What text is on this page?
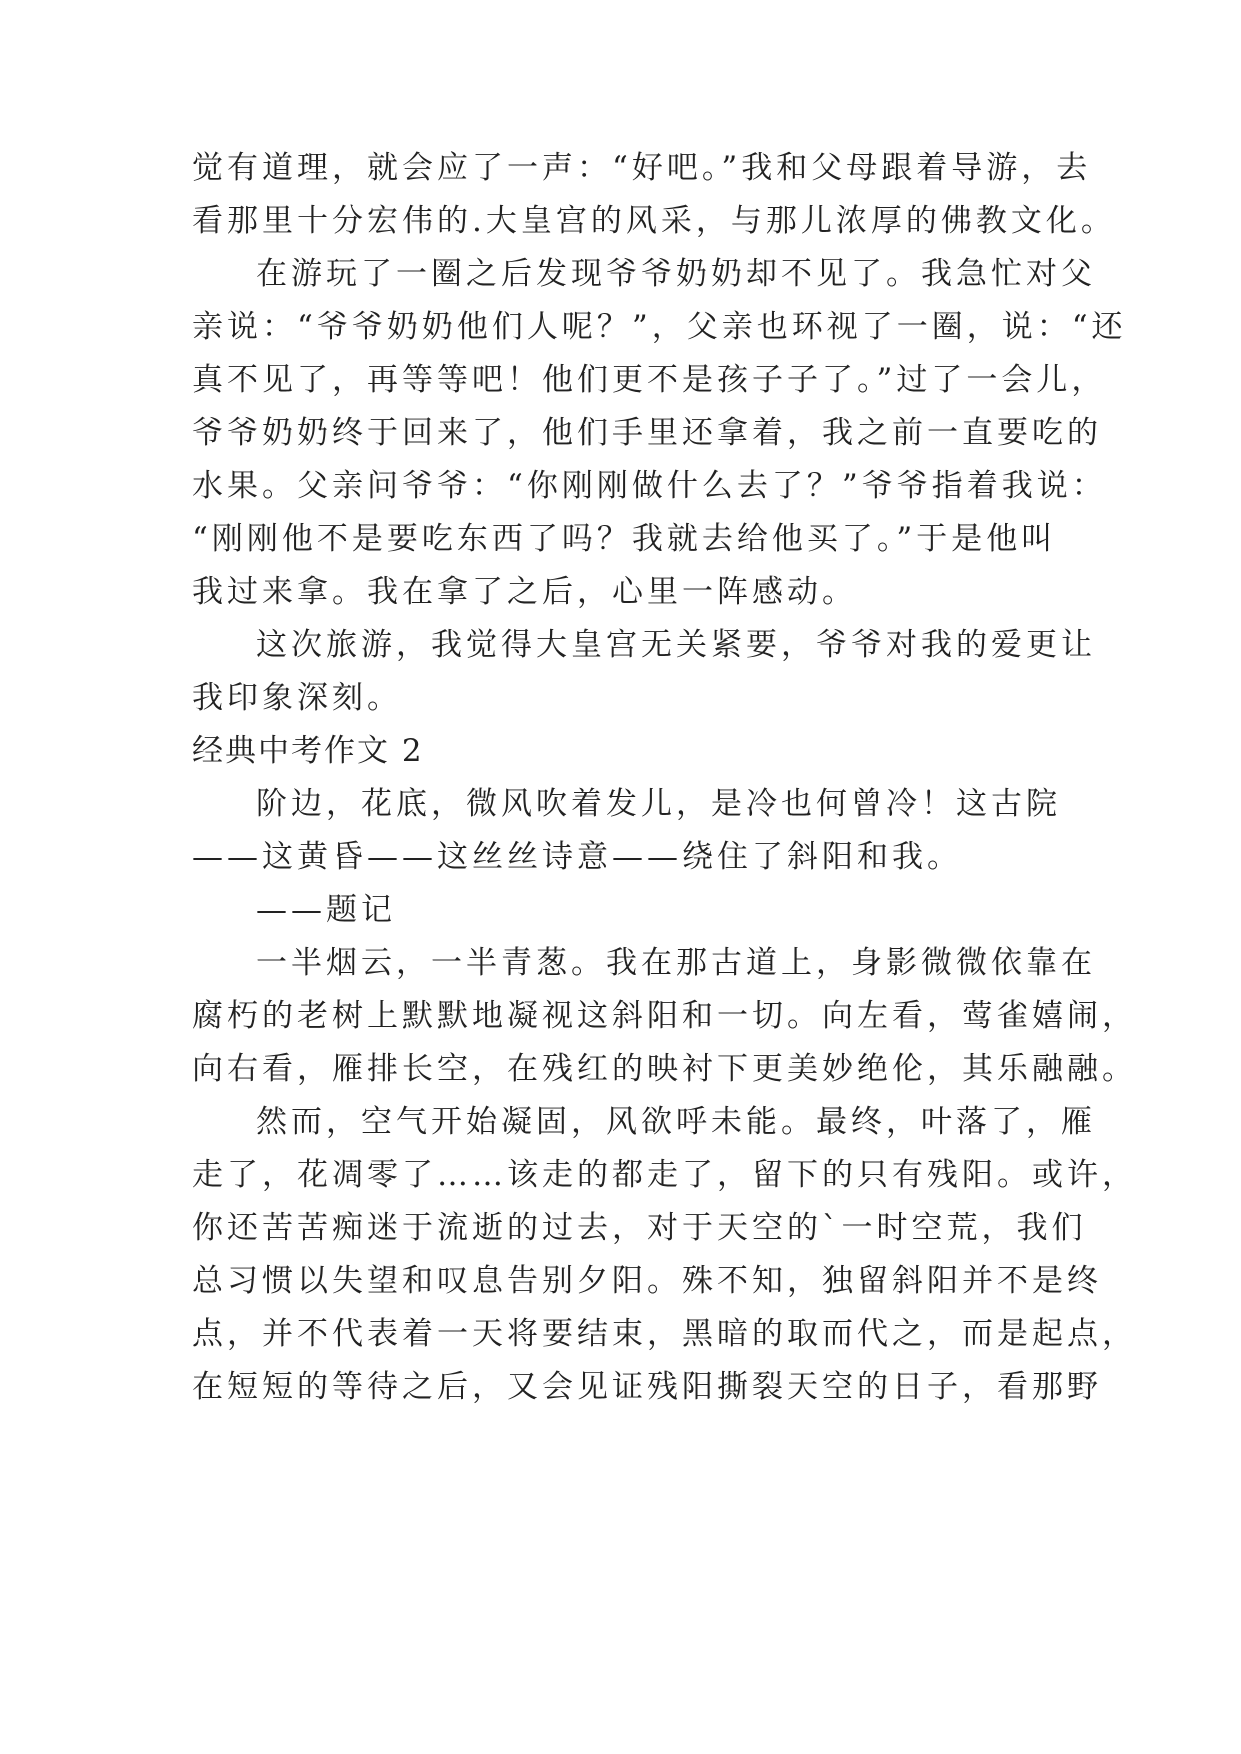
觉有道理，就会应了一声：“好吧。”我和父母跟着导游，去
看那里十分宏伟的.大皇宫的风采，与那儿浓厚的佛教文化。
在游玩了一圈之后发现爷爷奶奶却不见了。我急忙对父
亲说：“爷爷奶奶他们人呢？”，父亲也环视了一圈，说：“还
真不见了，再等等吧！他们更不是孩子子了。”过了一会儿，
爷爷奶奶终于回来了，他们手里还拿着，我之前一直要吃的
水果。父亲问爷爷：“你刚刚做什么去了？”爷爷指着我说：
“刚刚他不是要吃东西了吗？我就去给他买了。”于是他叫
我过来拿。我在拿了之后，心里一阵感动。
这次旅游，我觉得大皇宫无关紧要，爷爷对我的爱更让
我印象深刻。
经典中考作文 2
阶边，花底，微风吹着发儿，是冷也何曾冷！这古院
——这黄昏——这丝丝诗意——绕住了斜阳和我。
——题记
一半烟云，一半青葱。我在那古道上，身影微微依靠在
腐朽的老树上默默地凝视这斜阳和一切。向左看，莺雀嬉闹，
向右看，雁排长空，在残红的映衬下更美妙绝伦，其乐融融。
然而，空气开始凝固，风欲呼未能。最终，叶落了，雁
走了，花凋零了……该走的都走了，留下的只有残阳。或许，
你还苦苦痴迷于流逝的过去，对于天空的`一时空荒，我们
总习惯以失望和叹息告别夕阳。殊不知，独留斜阳并不是终
点，并不代表着一天将要结束，黑暗的取而代之，而是起点，
在短短的等待之后，又会见证残阳撕裂天空的日子，看那野
